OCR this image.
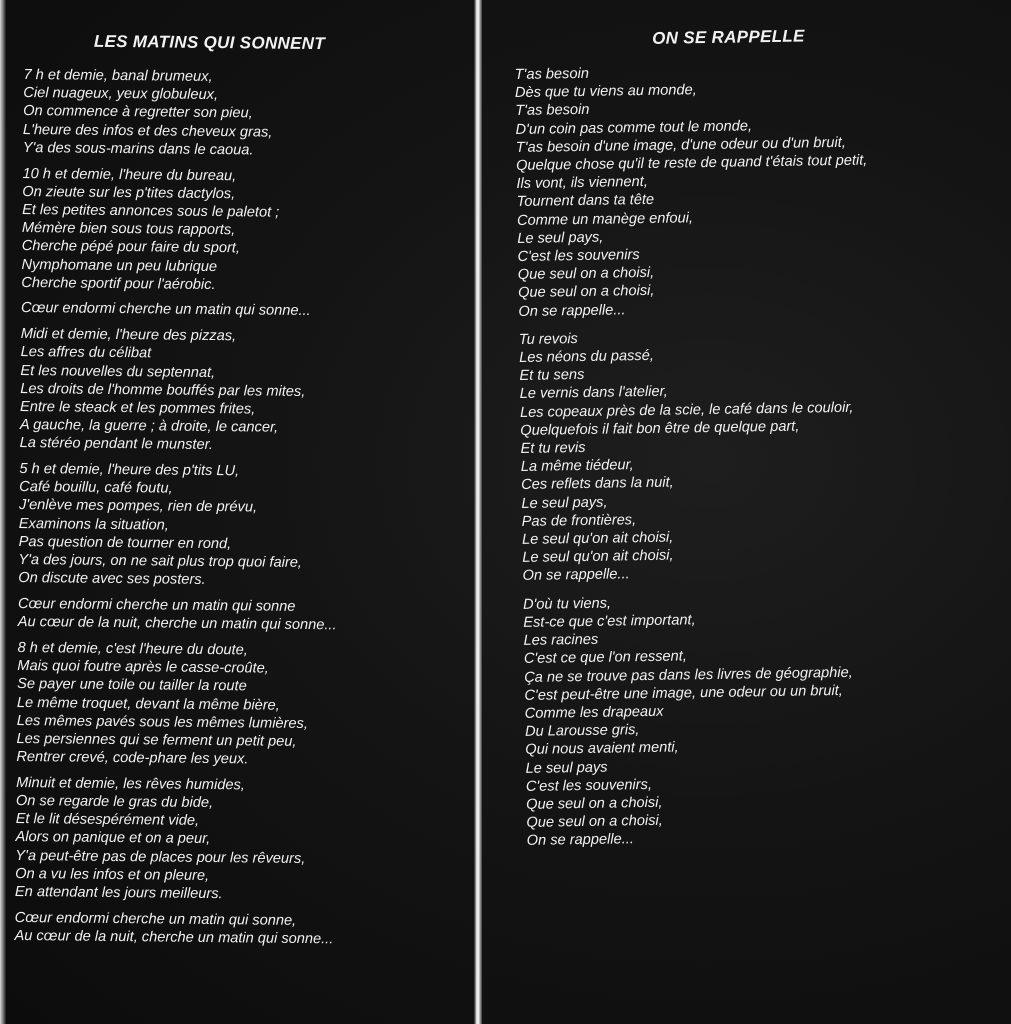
LES MATINS QUI SONNENT
7 h et demie, banal brumeux,
Ciel nuageux, yeux globuleux,
On commence à regretter son pieu,
L'heure des infos et des cheveux gras,
Y'a des sous-marins dans le caoua.
10 h et demie, l'heure du bureau,
On zieute sur les p'tites dactylos,
Et les petites annonces sous le paletot ;
Mémère bien sous tous rapports,
Cherche pépé pour faire du sport,
Nymphomane un peu lubrique
Cherche sportif pour l'aérobic.
Cœur endormi cherche un matin qui sonne...
Midi et demie, l'heure des pizzas,
Les affres du célibat
Et les nouvelles du septennat,
Les droits de l'homme bouffés par les mites,
Entre le steack et les pommes frites,
A gauche, la guerre ; à droite, le cancer,
La stéréo pendant le munster.
5 h et demie, l'heure des p'tits LU,
Café bouillu, café foutu,
J'enlève mes pompes, rien de prévu,
Examinons la situation,
Pas question de tourner en rond,
Y'a des jours, on ne sait plus trop quoi faire,
On discute avec ses posters.
Cœur endormi cherche un matin qui sonne
Au cœur de la nuit, cherche un matin qui sonne...
8 h et demie, c'est l'heure du doute,
Mais quoi foutre après le casse-croûte,
Se payer une toile ou tailler la route
Le même troquet, devant la même bière,
Les mêmes pavés sous les mêmes lumières,
Les persiennes qui se ferment un petit peu,
Rentrer crevé, code-phare les yeux.
Minuit et demie, les rêves humides,
On se regarde le gras du bide,
Et le lit désespérément vide,
Alors on panique et on a peur,
Y'a peut-être pas de places pour les rêveurs,
On a vu les infos et on pleure,
En attendant les jours meilleurs.
Cœur endormi cherche un matin qui sonne,
Au cœur de la nuit, cherche un matin qui sonne...
ON SE RAPPELLE
T'as besoin
Dès que tu viens au monde,
T'as besoin
D'un coin pas comme tout le monde,
T'as besoin d'une image, d'une odeur ou d'un bruit,
Quelque chose qu'il te reste de quand t'étais tout petit,
Ils vont, ils viennent,
Tournent dans ta tête
Comme un manège enfoui,
Le seul pays,
C'est les souvenirs
Que seul on a choisi,
Que seul on a choisi,
On se rappelle...
Tu revois
Les néons du passé,
Et tu sens
Le vernis dans l'atelier,
Les copeaux près de la scie, le café dans le couloir,
Quelquefois il fait bon être de quelque part,
Et tu revis
La même tiédeur,
Ces reflets dans la nuit,
Le seul pays,
Pas de frontières,
Le seul qu'on ait choisi,
Le seul qu'on ait choisi,
On se rappelle...
D'où tu viens,
Est-ce que c'est important,
Les racines
C'est ce que l'on ressent,
Ça ne se trouve pas dans les livres de géographie,
C'est peut-être une image, une odeur ou un bruit,
Comme les drapeaux
Du Larousse gris,
Qui nous avaient menti,
Le seul pays
C'est les souvenirs,
Que seul on a choisi,
Que seul on a choisi,
On se rappelle...
